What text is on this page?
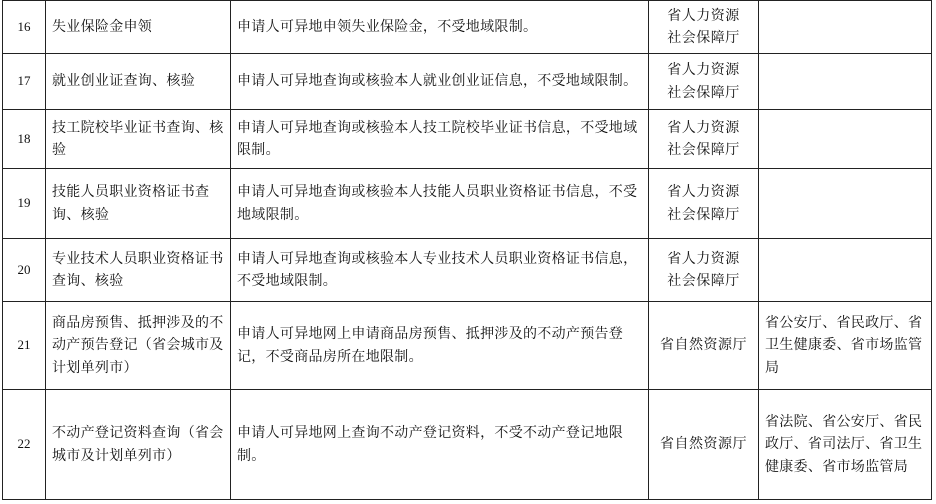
16	失业保险金申领	申请人可异地申领失业保险金，不受地域限制。	省人力资源
社会保障厅	
17	就业创业证查询、核验	申请人可异地查询或核验本人就业创业证信息，不受地域限制。	省人力资源
社会保障厅	
18	技工院校毕业证书查询、核验	申请人可异地查询或核验本人技工院校毕业证书信息，不受地域限制。	省人力资源
社会保障厅	
19	技能人员职业资格证书查询、核验	申请人可异地查询或核验本人技能人员职业资格证书信息，不受地域限制。	省人力资源
社会保障厅	
20	专业技术人员职业资格证书查询、核验	申请人可异地查询或核验本人专业技术人员职业资格证书信息，不受地域限制。	省人力资源
社会保障厅	
21	商品房预售、抵押涉及的不动产预告登记（省会城市及计划单列市）	申请人可异地网上申请商品房预售、抵押涉及的不动产预告登记，不受商品房所在地限制。	省自然资源厅	省公安厅、省民政厅、省卫生健康委、省市场监管局
22	不动产登记资料查询（省会城市及计划单列市）	申请人可异地网上查询不动产登记资料，不受不动产登记地限制。	省自然资源厅	省法院、省公安厅、省民政厅、省司法厅、省卫生健康委、省市场监管局
